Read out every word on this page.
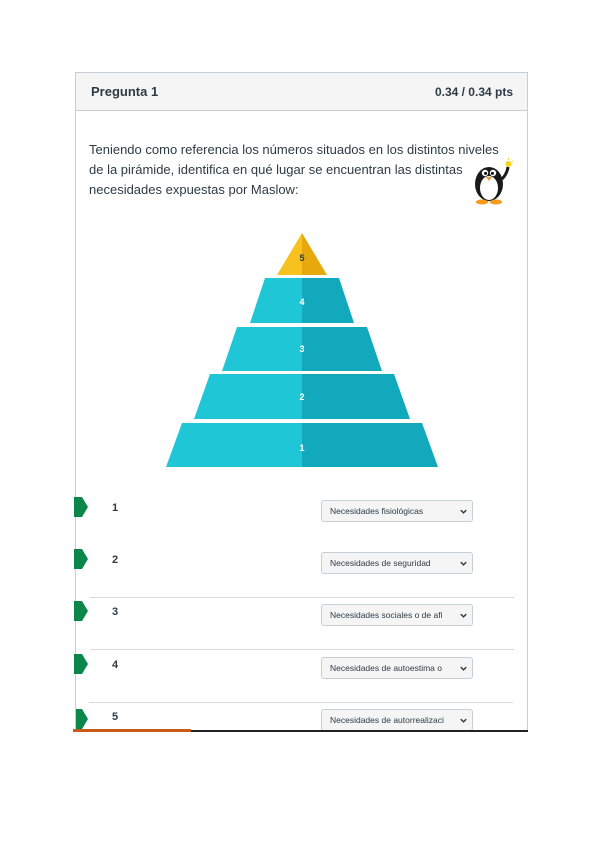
Pregunta 1	0.34 / 0.34 pts
Teniendo como referencia los números situados en los distintos niveles de la pirámide, identifica en qué lugar se encuentran las distintas necesidades expuestas por Maslow:
1
2
3
4
5
1	Necesidades fisiológicas
2	Necesidades de seguridad
3	Necesidades sociales o de afi
4	Necesidades de autoestima o
5	Necesidades de autorrealizaci
